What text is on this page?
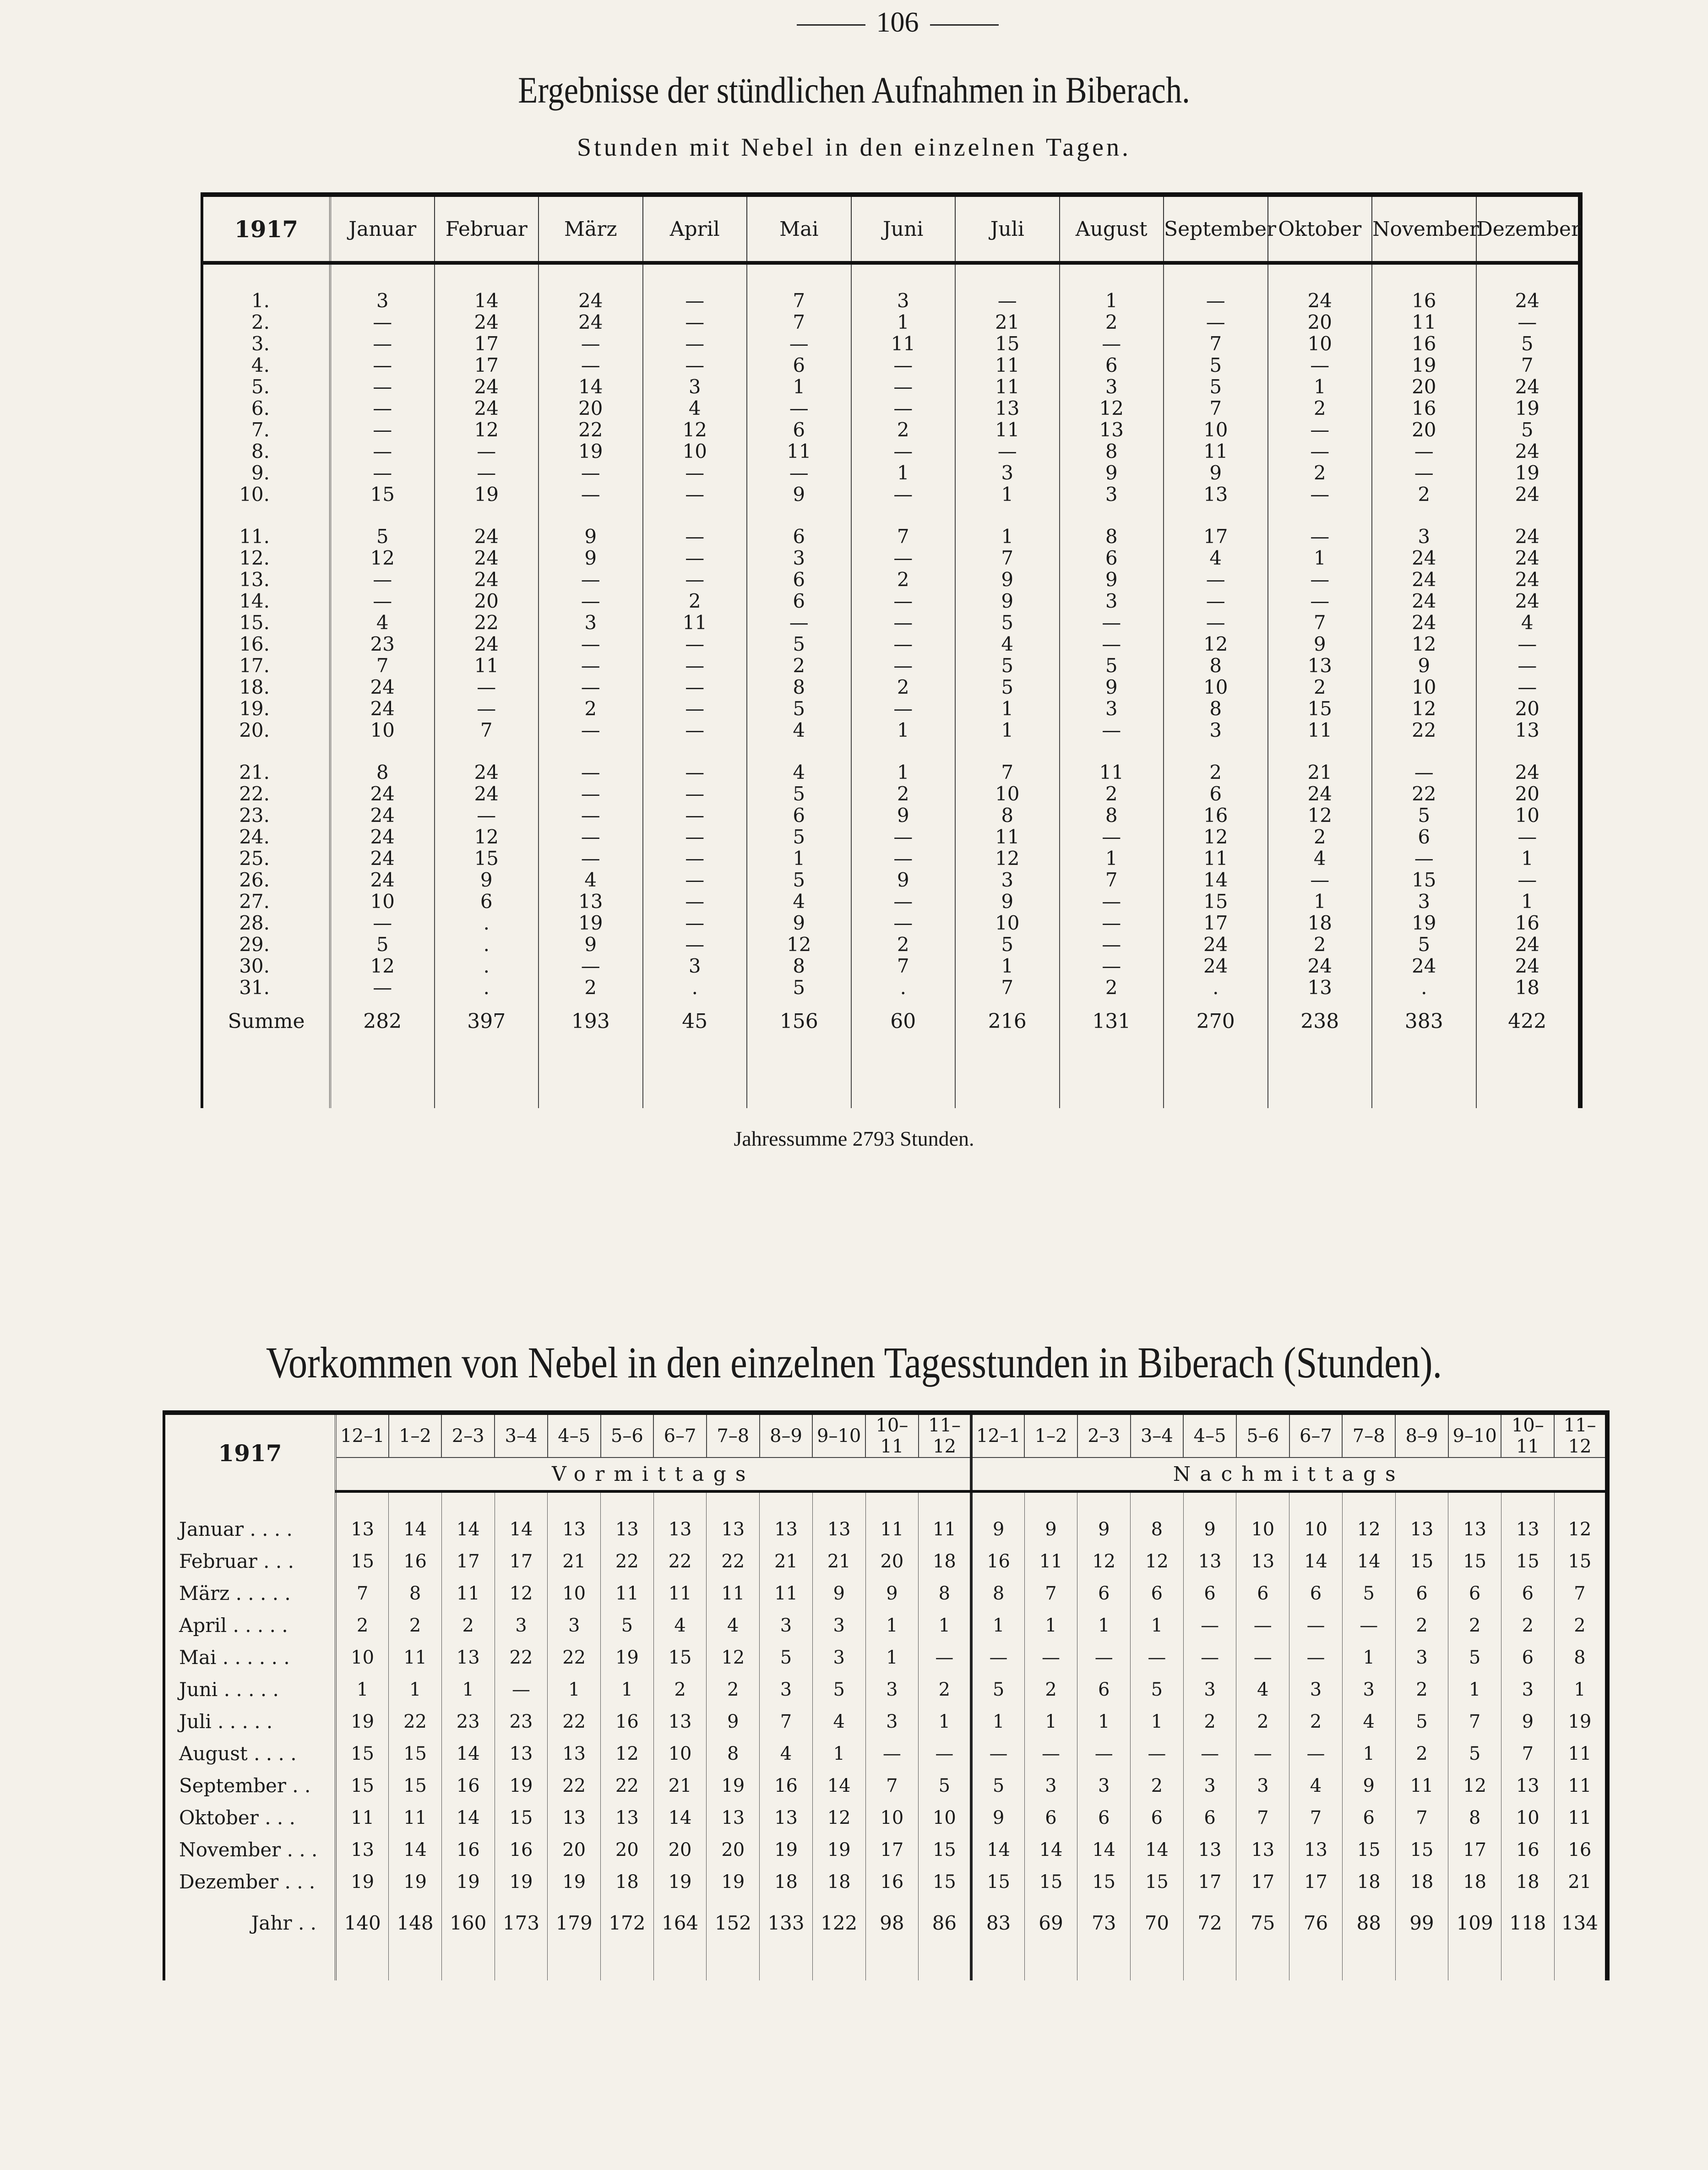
106
Ergebnisse der stündlichen Aufnahmen in Biberach.
Stunden mit Nebel in den einzelnen Tagen.
1917	Januar	Februar	März	April	Mai	Juni	Juli	August	September	Oktober	November	Dezember

1.	3	14	24	—	7	3	—	1	—	24	16	24
2.	—	24	24	—	7	1	21	2	—	20	11	—
3.	—	17	—	—	—	11	15	—	7	10	16	5
4.	—	17	—	—	6	—	11	6	5	—	19	7
5.	—	24	14	3	1	—	11	3	5	1	20	24
6.	—	24	20	4	—	—	13	12	7	2	16	19
7.	—	12	22	12	6	2	11	13	10	—	20	5
8.	—	—	19	10	11	—	—	8	11	—	—	24
9.	—	—	—	—	—	1	3	9	9	2	—	19
10.	15	19	—	—	9	—	1	3	13	—	2	24

11.	5	24	9	—	6	7	1	8	17	—	3	24
12.	12	24	9	—	3	—	7	6	4	1	24	24
13.	—	24	—	—	6	2	9	9	—	—	24	24
14.	—	20	—	2	6	—	9	3	—	—	24	24
15.	4	22	3	11	—	—	5	—	—	7	24	4
16.	23	24	—	—	5	—	4	—	12	9	12	—
17.	7	11	—	—	2	—	5	5	8	13	9	—
18.	24	—	—	—	8	2	5	9	10	2	10	—
19.	24	—	2	—	5	—	1	3	8	15	12	20
20.	10	7	—	—	4	1	1	—	3	11	22	13

21.	8	24	—	—	4	1	7	11	2	21	—	24
22.	24	24	—	—	5	2	10	2	6	24	22	20
23.	24	—	—	—	6	9	8	8	16	12	5	10
24.	24	12	—	—	5	—	11	—	12	2	6	—
25.	24	15	—	—	1	—	12	1	11	4	—	1
26.	24	9	4	—	5	9	3	7	14	—	15	—
27.	10	6	13	—	4	—	9	—	15	1	3	1
28.	—	.	19	—	9	—	10	—	17	18	19	16
29.	5	.	9	—	12	2	5	—	24	2	5	24
30.	12	.	—	3	8	7	1	—	24	24	24	24
31.	—	.	2	.	5	.	7	2	.	13	.	18
Summe	282	397	193	45	156	60	216	131	270	238	383	422

Jahressumme 2793 Stunden.
Vorkommen von Nebel in den einzelnen Tagesstunden in Biberach (Stunden).
1917	12–1	1–2	2–3	3–4	4–5	5–6	6–7	7–8	8–9	9–10	10–11	11–12	12–1	1–2	2–3	3–4	4–5	5–6	6–7	7–8	8–9	9–10	10–11	11–12
	Vormittags												Nachmittags											

Januar . . . .	13	14	14	14	13	13	13	13	13	13	11	11	9	9	9	8	9	10	10	12	13	13	13	12
Februar . . .	15	16	17	17	21	22	22	22	21	21	20	18	16	11	12	12	13	13	14	14	15	15	15	15
März . . . . .	7	8	11	12	10	11	11	11	11	9	9	8	8	7	6	6	6	6	6	5	6	6	6	7
April . . . . .	2	2	2	3	3	5	4	4	3	3	1	1	1	1	1	1	—	—	—	—	2	2	2	2
Mai . . . . . .	10	11	13	22	22	19	15	12	5	3	1	—	—	—	—	—	—	—	—	1	3	5	6	8
Juni . . . . .	1	1	1	—	1	1	2	2	3	5	3	2	5	2	6	5	3	4	3	3	2	1	3	1
Juli . . . . .	19	22	23	23	22	16	13	9	7	4	3	1	1	1	1	1	2	2	2	4	5	7	9	19
August . . . .	15	15	14	13	13	12	10	8	4	1	—	—	—	—	—	—	—	—	—	1	2	5	7	11
September . .	15	15	16	19	22	22	21	19	16	14	7	5	5	3	3	2	3	3	4	9	11	12	13	11
Oktober . . .	11	11	14	15	13	13	14	13	13	12	10	10	9	6	6	6	6	7	7	6	7	8	10	11
November . . .	13	14	16	16	20	20	20	20	19	19	17	15	14	14	14	14	13	13	13	15	15	17	16	16
Dezember . . .	19	19	19	19	19	18	19	19	18	18	16	15	15	15	15	15	17	17	17	18	18	18	18	21
Jahr . .	140	148	160	173	179	172	164	152	133	122	98	86	83	69	73	70	72	75	76	88	99	109	118	134
